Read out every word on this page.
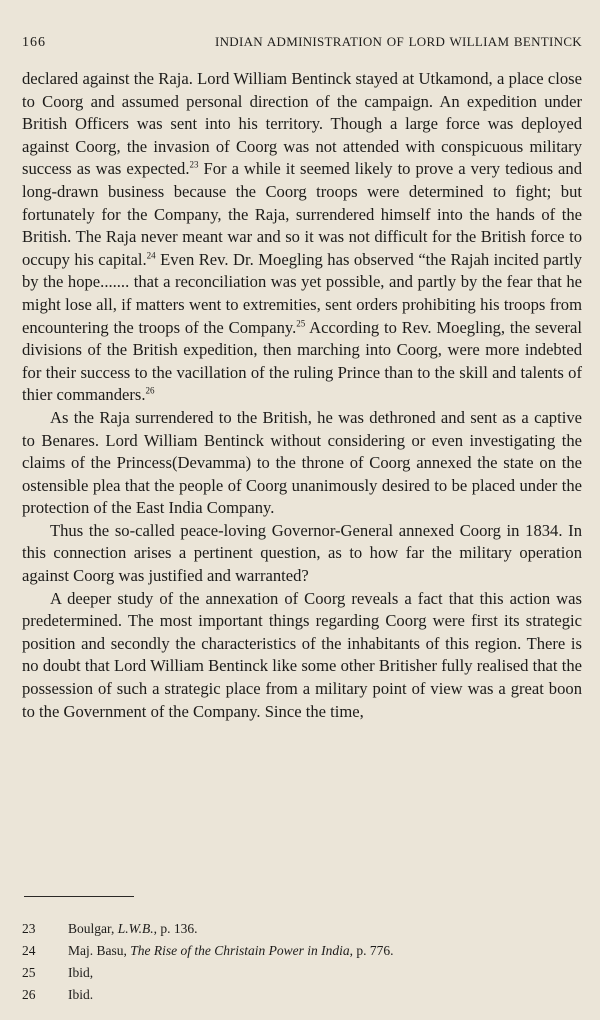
166	INDIAN ADMINISTRATION OF LORD WILLIAM BENTINCK

declared against the Raja. Lord William Bentinck stayed at Utkamond, a place close to Coorg and assumed personal direction of the campaign. An expedition under British Officers was sent into his territory. Though a large force was deployed against Coorg, the invasion of Coorg was not attended with conspicuous military success as was expected.$^{23}$ For a while it seemed likely to prove a very tedious and long-drawn business because the Coorg troops were determined to fight; but fortunately for the Company, the Raja, surrendered himself into the hands of the British. The Raja never meant war and so it was not difficult for the British force to occupy his capital.$^{24}$ Even Rev. Dr. Moegling has observed “the Rajah incited partly by the hope....... that a reconciliation was yet possible, and partly by the fear that he might lose all, if matters went to extremities, sent orders prohibiting his troops from encountering the troops of the Company.$^{25}$ According to Rev. Moegling, the several divisions of the British expedition, then marching into Coorg, were more indebted for their success to the vacillation of the ruling Prince than to the skill and talents of thier commanders.$^{26}$

As the Raja surrendered to the British, he was dethroned and sent as a captive to Benares. Lord William Bentinck without considering or even investigating the claims of the Princess(Devamma) to the throne of Coorg annexed the state on the ostensible plea that the people of Coorg unanimously desired to be placed under the protection of the East India Company.

Thus the so-called peace-loving Governor-General annexed Coorg in 1834. In this connection arises a pertinent question, as to how far the military operation against Coorg was justified and warranted?

A deeper study of the annexation of Coorg reveals a fact that this action was predetermined. The most important things regarding Coorg were first its strategic position and secondly the characteristics of the inhabitants of this region. There is no doubt that Lord William Bentinck like some other Britisher fully realised that the possession of such a strategic place from a military point of view was a great boon to the Government of the Company. Since the time,

23	Boulgar, L.W.B., p. 136.
24	Maj. Basu, The Rise of the Christain Power in India, p. 776.
25	Ibid,
26	Ibid.
